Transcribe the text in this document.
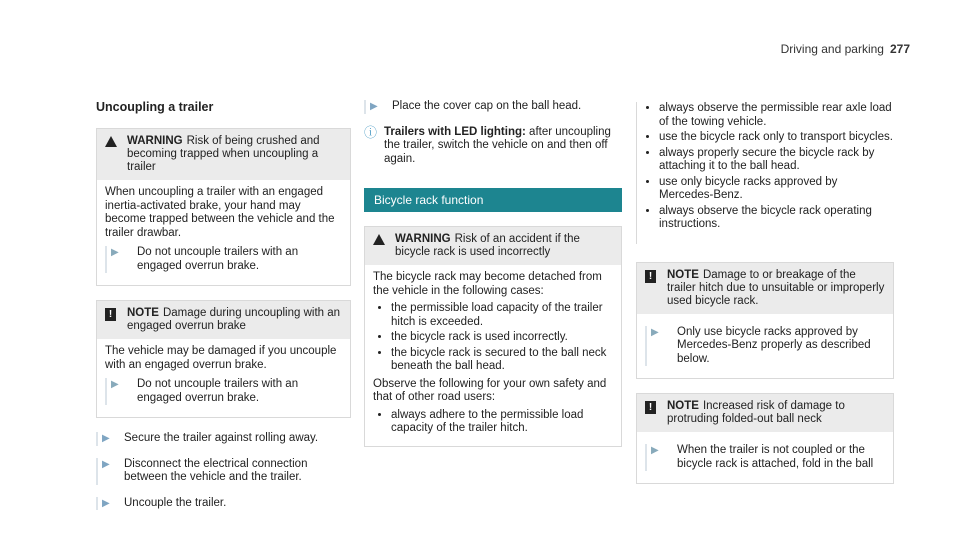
Driving and parking 277
Uncoupling a trailer
WARNING Risk of being crushed and becoming trapped when uncoupling a trailer
When uncoupling a trailer with an engaged inertia-activated brake, your hand may become trapped between the vehicle and the trailer drawbar.
▶	Do not uncouple trailers with an engaged overrun brake.
!	NOTE Damage during uncoupling with an engaged overrun brake
The vehicle may be damaged if you uncouple with an engaged overrun brake.
▶	Do not uncouple trailers with an engaged overrun brake.
▶	Secure the trailer against rolling away.
▶	Disconnect the electrical connection between the vehicle and the trailer.
▶	Uncouple the trailer.
▶	Place the cover cap on the ball head.
ⓘ Trailers with LED lighting: after uncoupling the trailer, switch the vehicle on and then off again.
Bicycle rack function
WARNING Risk of an accident if the bicycle rack is used incorrectly
The bicycle rack may become detached from the vehicle in the following cases:
• the permissible load capacity of the trailer hitch is exceeded.
• the bicycle rack is used incorrectly.
• the bicycle rack is secured to the ball neck beneath the ball head.
Observe the following for your own safety and that of other road users:
• always adhere to the permissible load capacity of the trailer hitch.
• always observe the permissible rear axle load of the towing vehicle.
• use the bicycle rack only to transport bicycles.
• always properly secure the bicycle rack by attaching it to the ball head.
• use only bicycle racks approved by Mercedes-Benz.
• always observe the bicycle rack operating instructions.
!	NOTE Damage to or breakage of the trailer hitch due to unsuitable or improperly used bicycle rack.
▶	Only use bicycle racks approved by Mercedes-Benz properly as described below.
!	NOTE Increased risk of damage to protruding folded-out ball neck
▶	When the trailer is not coupled or the bicycle rack is attached, fold in the ball
